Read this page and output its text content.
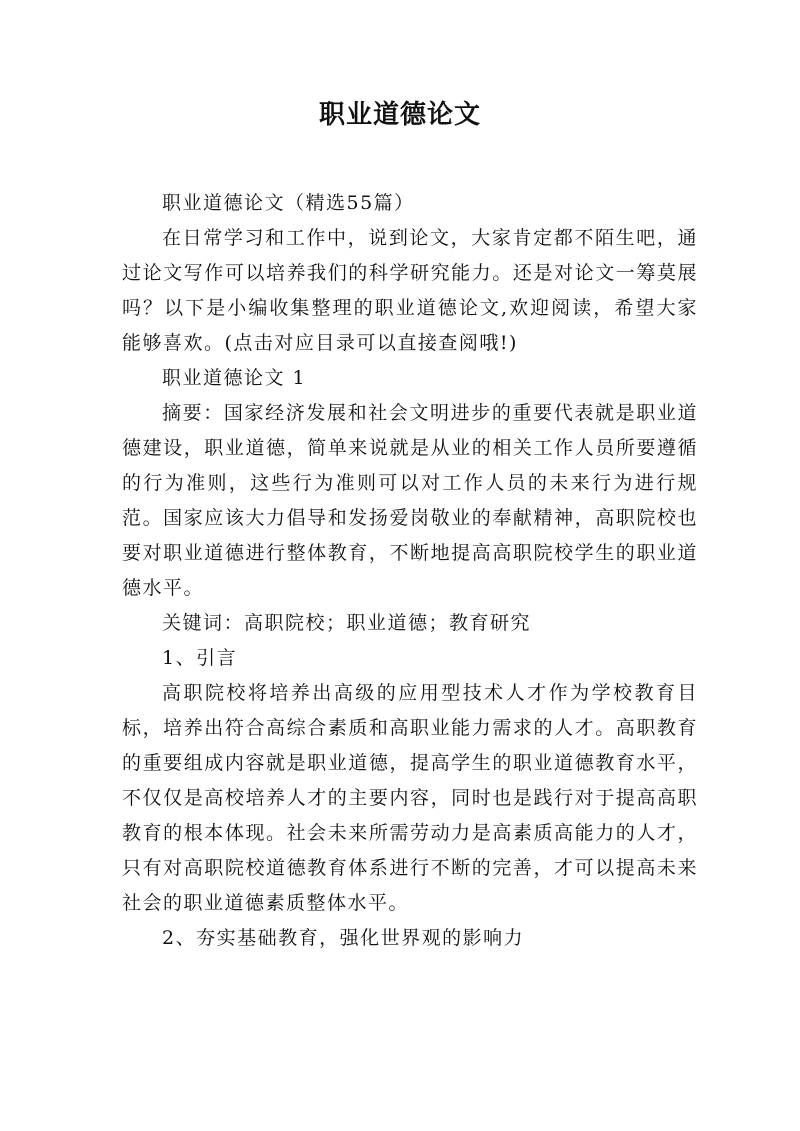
职业道德论文

职业道德论文（精选55篇）

在日常学习和工作中，说到论文，大家肯定都不陌生吧，通过论文写作可以培养我们的科学研究能力。还是对论文一筹莫展吗？以下是小编收集整理的职业道德论文,欢迎阅读，希望大家能够喜欢。(点击对应目录可以直接查阅哦!)

职业道德论文 1

摘要：国家经济发展和社会文明进步的重要代表就是职业道德建设，职业道德，简单来说就是从业的相关工作人员所要遵循的行为准则，这些行为准则可以对工作人员的未来行为进行规范。国家应该大力倡导和发扬爱岗敬业的奉献精神，高职院校也要对职业道德进行整体教育，不断地提高高职院校学生的职业道德水平。

关键词：高职院校；职业道德；教育研究

1、引言

高职院校将培养出高级的应用型技术人才作为学校教育目标，培养出符合高综合素质和高职业能力需求的人才。高职教育的重要组成内容就是职业道德，提高学生的职业道德教育水平，不仅仅是高校培养人才的主要内容，同时也是践行对于提高高职教育的根本体现。社会未来所需劳动力是高素质高能力的人才，只有对高职院校道德教育体系进行不断的完善，才可以提高未来社会的职业道德素质整体水平。

2、夯实基础教育，强化世界观的影响力
